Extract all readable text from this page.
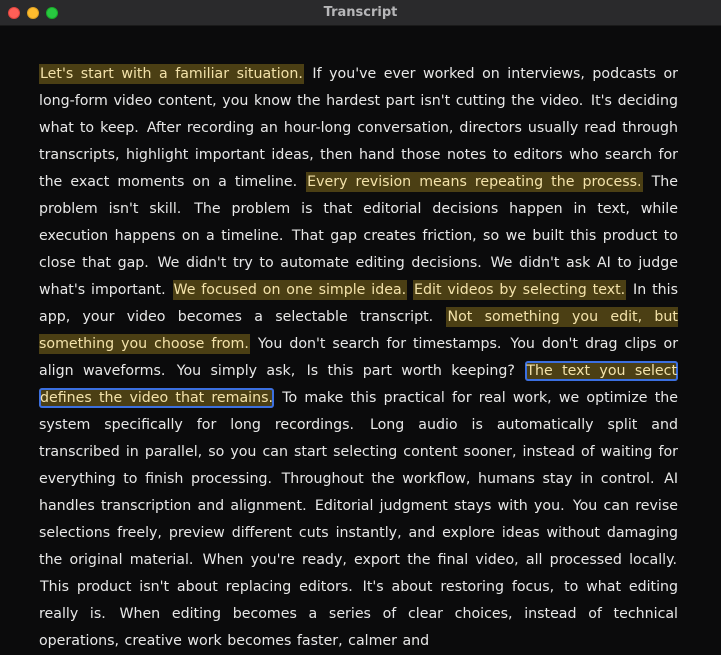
Transcript
Let's start with a familiar situation. If you've ever worked on interviews, podcasts or long-form video content, you know the hardest part isn't cutting the video. It's deciding what to keep. After recording an hour-long conversation, directors usually read through transcripts, highlight important ideas, then hand those notes to editors who search for the exact moments on a timeline. Every revision means repeating the process. The problem isn't skill. The problem is that editorial decisions happen in text, while execution happens on a timeline. That gap creates friction, so we built this product to close that gap. We didn't try to automate editing decisions. We didn't ask AI to judge what's important. We focused on one simple idea. Edit videos by selecting text. In this app, your video becomes a selectable transcript. Not something you edit, but something you choose from. You don't search for timestamps. You don't drag clips or align waveforms. You simply ask, Is this part worth keeping? The text you select defines the video that remains. To make this practical for real work, we optimize the system specifically for long recordings. Long audio is automatically split and transcribed in parallel, so you can start selecting content sooner, instead of waiting for everything to finish processing. Throughout the workflow, humans stay in control. AI handles transcription and alignment. Editorial judgment stays with you. You can revise selections freely, preview different cuts instantly, and explore ideas without damaging the original material. When you're ready, export the final video, all processed locally. This product isn't about replacing editors. It's about restoring focus, to what editing really is. When editing becomes a series of clear choices, instead of technical operations, creative work becomes faster, calmer and
